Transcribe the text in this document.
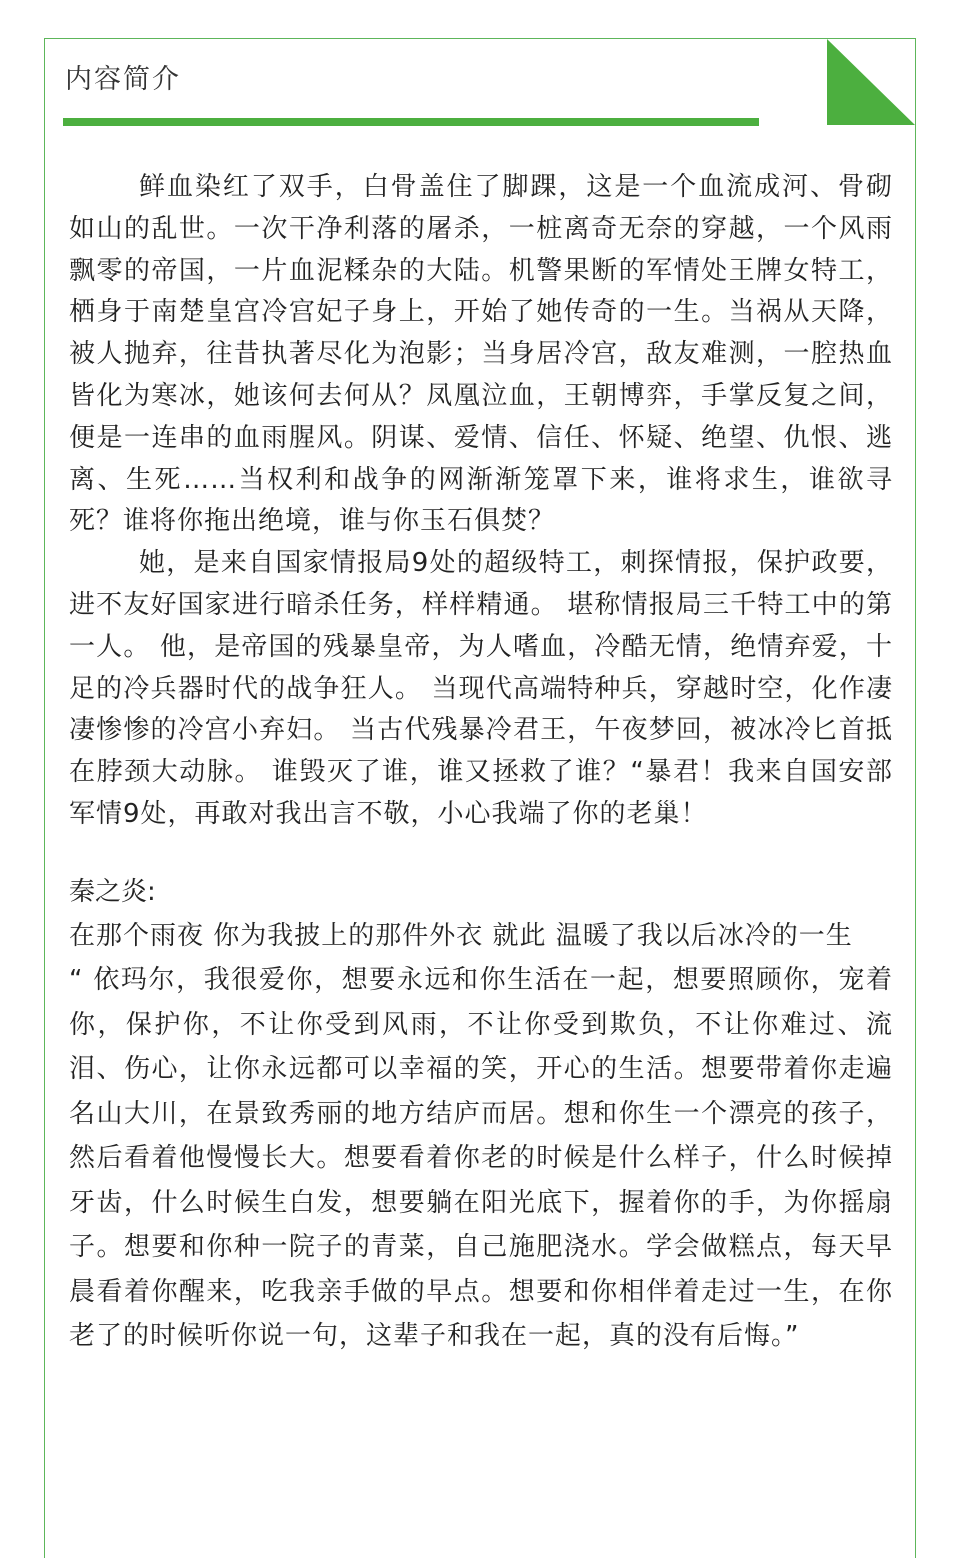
内容简介

鲜血染红了双手，白骨盖住了脚踝，这是一个血流成河、骨砌如山的乱世。一次干净利落的屠杀，一桩离奇无奈的穿越，一个风雨飘零的帝国，一片血泥糅杂的大陆。机警果断的军情处王牌女特工，栖身于南楚皇宫冷宫妃子身上，开始了她传奇的一生。当祸从天降，被人抛弃，往昔执著尽化为泡影；当身居冷宫，敌友难测，一腔热血皆化为寒冰，她该何去何从？凤凰泣血，王朝博弈，手掌反复之间，便是一连串的血雨腥风。阴谋、爱情、信任、怀疑、绝望、仇恨、逃离、生死……当权利和战争的网渐渐笼罩下来，谁将求生，谁欲寻死？谁将你拖出绝境，谁与你玉石俱焚？

她，是来自国家情报局9处的超级特工，刺探情报，保护政要，进不友好国家进行暗杀任务，样样精通。 堪称情报局三千特工中的第一人。 他，是帝国的残暴皇帝，为人嗜血，冷酷无情，绝情弃爱，十足的冷兵器时代的战争狂人。 当现代高端特种兵，穿越时空，化作凄凄惨惨的冷宫小弃妇。 当古代残暴冷君王，午夜梦回，被冰冷匕首抵在脖颈大动脉。 谁毁灭了谁，谁又拯救了谁？“暴君！我来自国安部军情9处，再敢对我出言不敬，小心我端了你的老巢！

秦之炎:

在那个雨夜 你为我披上的那件外衣 就此 温暖了我以后冰冷的一生

“ 依玛尔，我很爱你，想要永远和你生活在一起，想要照顾你，宠着你，保护你，不让你受到风雨，不让你受到欺负，不让你难过、流泪、伤心，让你永远都可以幸福的笑，开心的生活。想要带着你走遍名山大川，在景致秀丽的地方结庐而居。想和你生一个漂亮的孩子，然后看着他慢慢长大。想要看着你老的时候是什么样子，什么时候掉牙齿，什么时候生白发，想要躺在阳光底下，握着你的手，为你摇扇子。想要和你种一院子的青菜，自己施肥浇水。学会做糕点，每天早晨看着你醒来，吃我亲手做的早点。想要和你相伴着走过一生，在你老了的时候听你说一句，这辈子和我在一起，真的没有后悔。”
